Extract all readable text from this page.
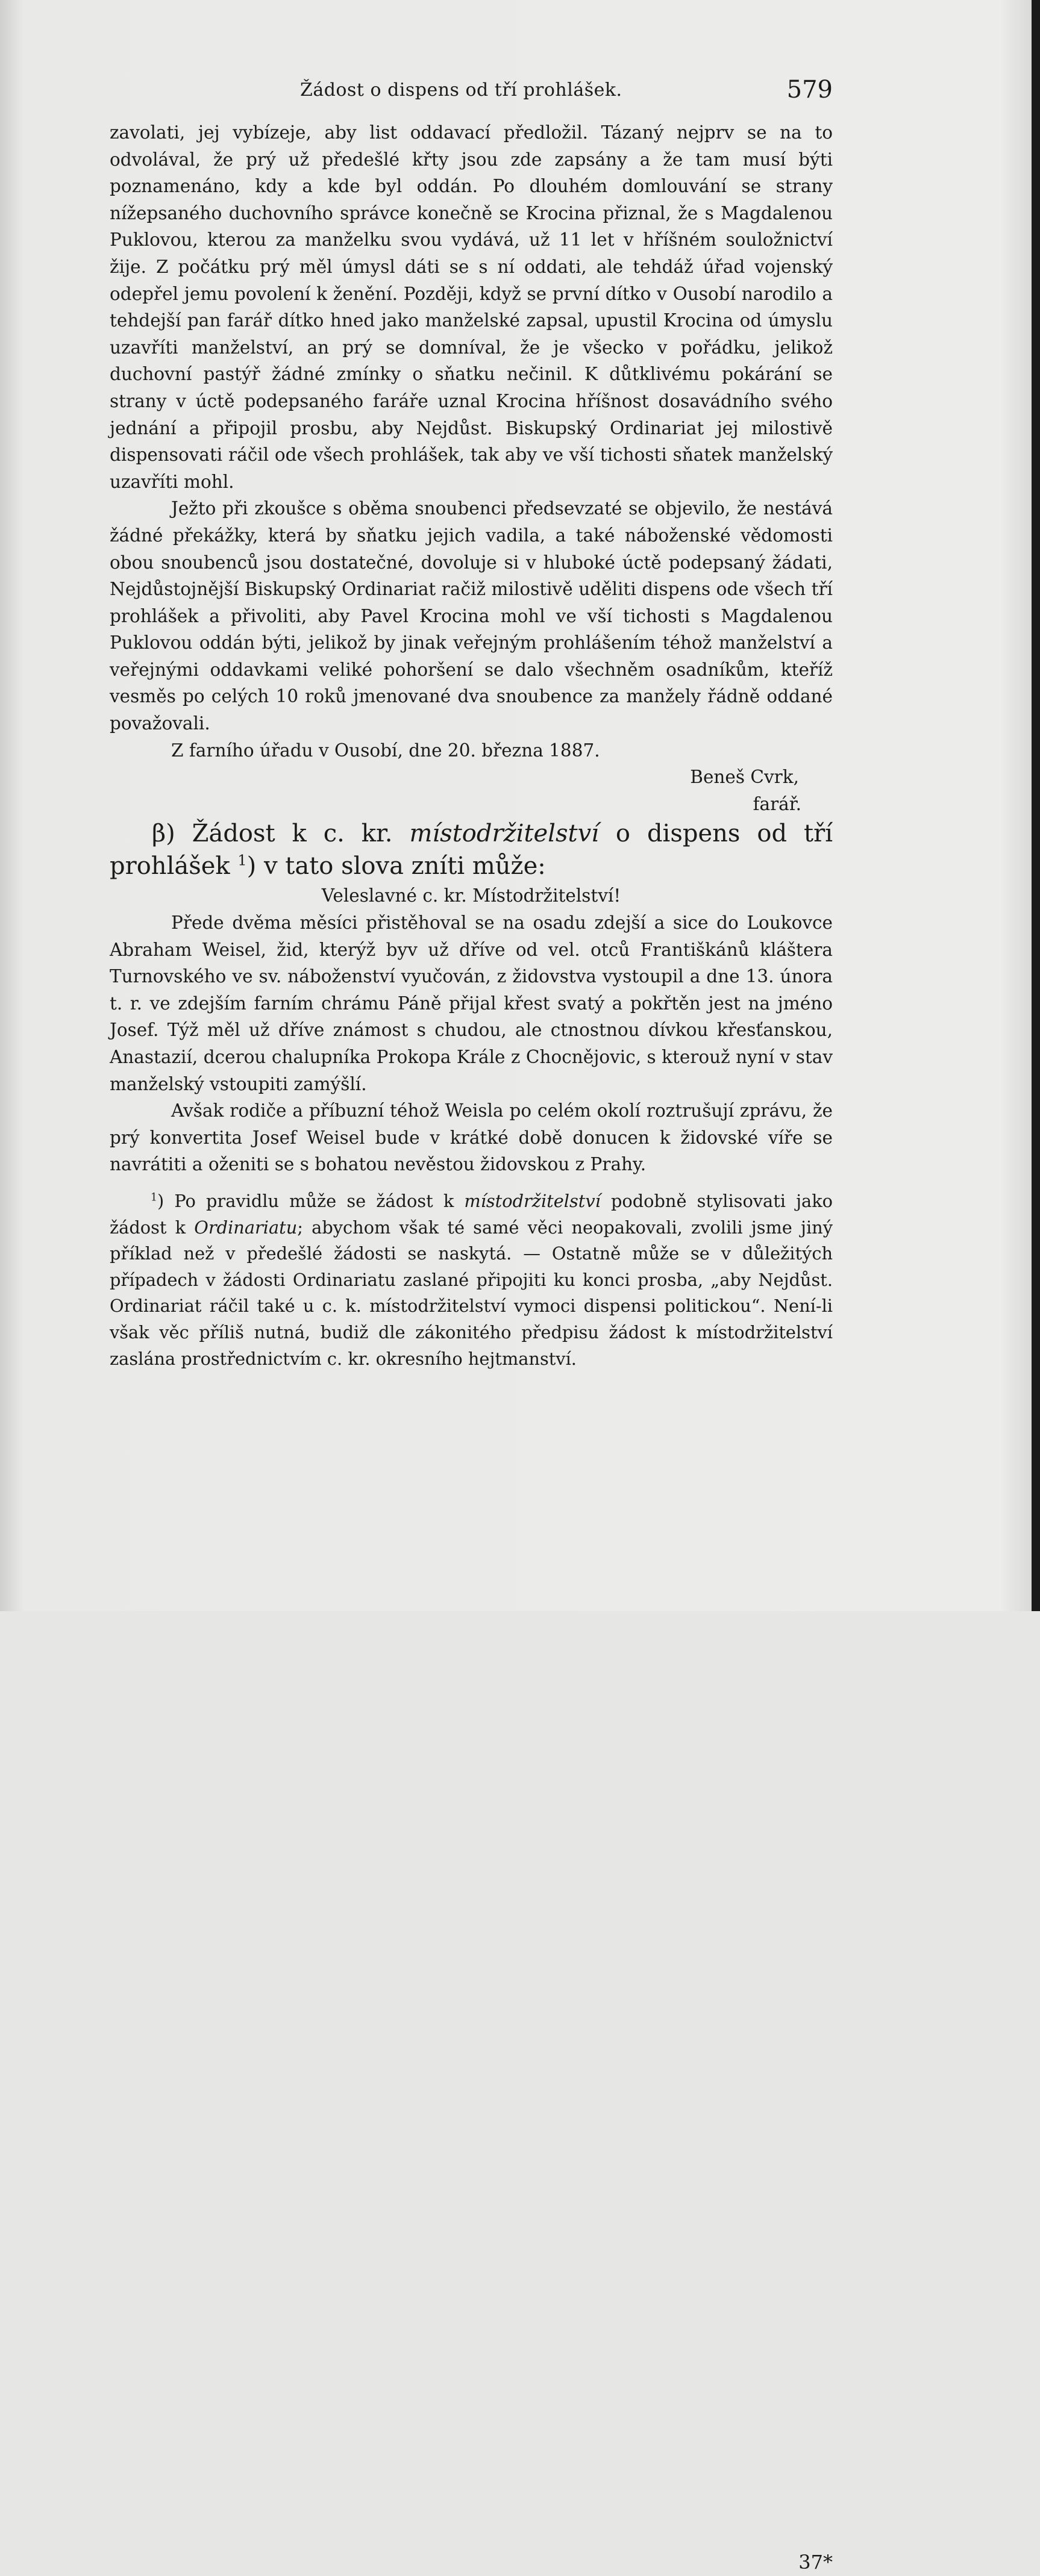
Žádost o dispens od tří prohlášek.	579

zavolati, jej vybízeje, aby list oddavací předložil. Tázaný nejprv se na to odvolával, že prý už předešlé křty jsou zde zapsány a že tam musí býti poznamenáno, kdy a kde byl oddán. Po dlouhém domlouvání se strany nížepsaného duchovního správce konečně se Krocina přiznal, že s Magdalenou Puklovou, kterou za manželku svou vydává, už 11 let v hříšném souložnictví žije. Z počátku prý měl úmysl dáti se s ní oddati, ale tehdáž úřad vojenský odepřel jemu povolení k ženění. Později, když se první dítko v Ousobí narodilo a tehdejší pan farář dítko hned jako manželské zapsal, upustil Krocina od úmyslu uzavříti manželství, an prý se domníval, že je všecko v pořádku, jelikož duchovní pastýř žádné zmínky o sňatku nečinil. K důtklivému pokárání se strany v úctě podepsaného faráře uznal Krocina hříšnost dosavádního svého jednání a připojil prosbu, aby Nejdůst. Biskupský Ordinariat jej milostivě dispensovati ráčil ode všech prohlášek, tak aby ve vší tichosti sňatek manželský uzavříti mohl.

Ježto při zkoušce s oběma snoubenci předsevzaté se objevilo, že nestává žádné překážky, která by sňatku jejich vadila, a také náboženské vědomosti obou snoubenců jsou dostatečné, dovoluje si v hluboké úctě podepsaný žádati, Nejdůstojnější Biskupský Ordinariat račiž milostivě uděliti dispens ode všech tří prohlášek a přivoliti, aby Pavel Krocina mohl ve vší tichosti s Magdalenou Puklovou oddán býti, jelikož by jinak veřejným prohlášením téhož manželství a veřejnými oddavkami veliké pohoršení se dalo všechněm osadníkům, kteříž vesměs po celých 10 roků jmenované dva snoubence za manžely řádně oddané považovali.

Z farního úřadu v Ousobí, dne 20. března 1887.

Beneš Cvrk,

farář.

β) Žádost k c. kr. místodržitelství o dispens od tří prohlášek $^1$) v tato slova zníti může:

Veleslavné c. kr. Místodržitelství!

Přede dvěma měsíci přistěhoval se na osadu zdejší a sice do Loukovce Abraham Weisel, žid, kterýž byv už dříve od vel. otců Františkánů kláštera Turnovského ve sv. náboženství vyučován, z židovstva vystoupil a dne 13. února t. r. ve zdejším farním chrámu Páně přijal křest svatý a pokřtěn jest na jméno Josef. Týž měl už dříve známost s chudou, ale ctnostnou dívkou křesťanskou, Anastazií, dcerou chalupníka Prokopa Krále z Chocnějovic, s kterouž nyní v stav manželský vstoupiti zamýšlí.

Avšak rodiče a příbuzní téhož Weisla po celém okolí roztrušují zprávu, že prý konvertita Josef Weisel bude v krátké době donucen k židovské víře se navrátiti a oženiti se s bohatou nevěstou židovskou z Prahy.

$^1$) Po pravidlu může se žádost k místodržitelství podobně stylisovati jako žádost k Ordinariatu; abychom však té samé věci neopakovali, zvolili jsme jiný příklad než v předešlé žádosti se naskytá. — Ostatně může se v důležitých případech v žádosti Ordinariatu zaslané připojiti ku konci prosba, „aby Nejdůst. Ordinariat ráčil také u c. k. místodržitelství vymoci dispensi politickou“. Není-li však věc příliš nutná, budiž dle zákonitého předpisu žádost k místodržitelství zaslána prostřednictvím c. kr. okresního hejtmanství.

37*
